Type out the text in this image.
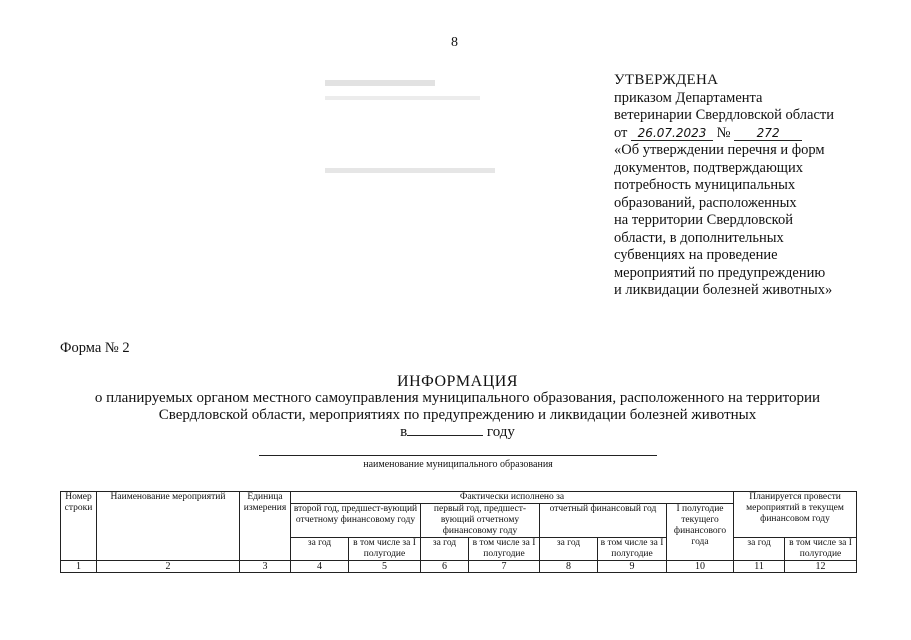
8
УТВЕРЖДЕНА
приказом Департамента
ветеринарии Свердловской области
от 26.07.2023 № 272
«Об утверждении перечня и форм
документов, подтверждающих
потребность муниципальных
образований, расположенных
на территории Свердловской
области, в дополнительных
субвенциях на проведение
мероприятий по предупреждению
и ликвидации болезней животных»
Форма № 2
ИНФОРМАЦИЯ
о планируемых органом местного самоуправления муниципального образования, расположенного на территории
Свердловской области, мероприятиях по предупреждению и ликвидации болезней животных
в	году
наименование муниципального образования
Номер строки	Наименование мероприятий	Единица измерения	Фактически исполнено за							Планируется провести мероприятий в текущем финансовом году	
			второй год, предшест-вующий отчетному финансовому году		первый год, предшест-вующий отчетному финансовому году		отчетный финансовый год		I полугодие текущего финансового года		
			за год	в том числе за I полугодие	за год	в том числе за I полугодие	за год	в том числе за I полугодие		за год	в том числе за I полугодие
1	2	3	4	5	6	7	8	9	10	11	12
